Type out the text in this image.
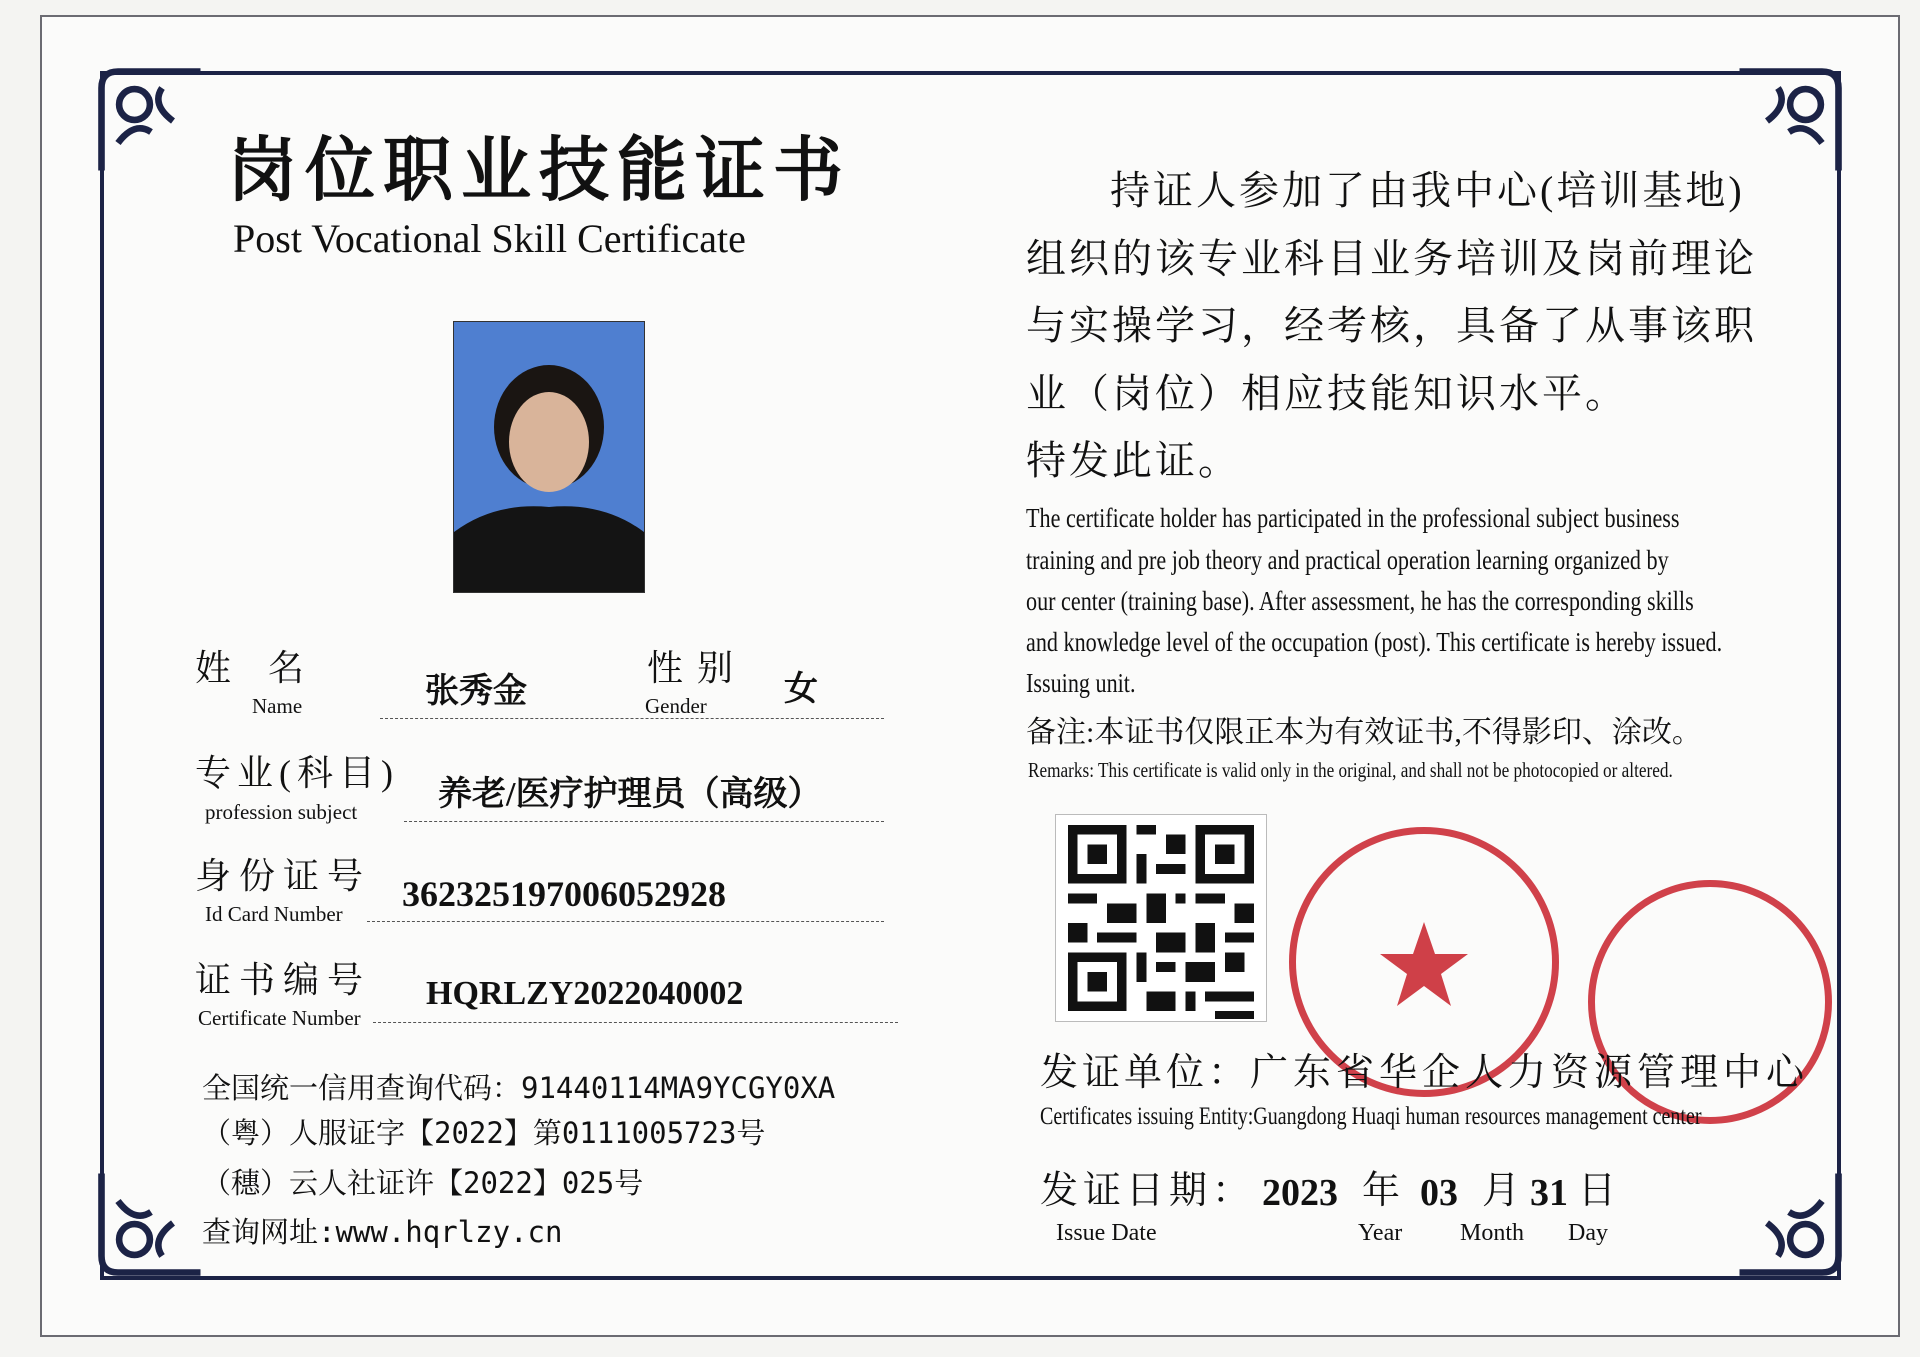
岗位职业技能证书
Post Vocational Skill Certificate
持证人参加了由我中心(培训基地)
组织的该专业科目业务培训及岗前理论
与实操学习，经考核，具备了从事该职
业（岗位）相应技能知识水平。
特发此证。
The certificate holder has participated in the professional subject business
training and pre job theory and practical operation learning organized by
our center (training base). After assessment, he has the corresponding skills
and knowledge level of the occupation (post). This certificate is hereby issued.
Issuing unit.
备注:本证书仅限正本为有效证书,不得影印、涂改。
Remarks: This certificate is valid only in the original, and shall not be photocopied or altered.
姓 名
Name	张秀金
性别
Gender 女
专业(科目)
profession subject 养老/医疗护理员（高级）
身份证号
Id Card Number 362325197006052928
证书编号
Certificate Number
HQRLZY2022040002
全国统一信用查询代码：91440114MA9YCGY0XA
（粤）人服证字【2022】第0111005723号
（穗）云人社证许【2022】025号
查询网址:www.hqrlzy.cn
发证单位：广东省华企人力资源管理中心
Certificates issuing Entity:Guangdong Huaqi human resources management center
发证日期：
Issue Date
2023 年
Year
03 月
Month
31 日
Day
